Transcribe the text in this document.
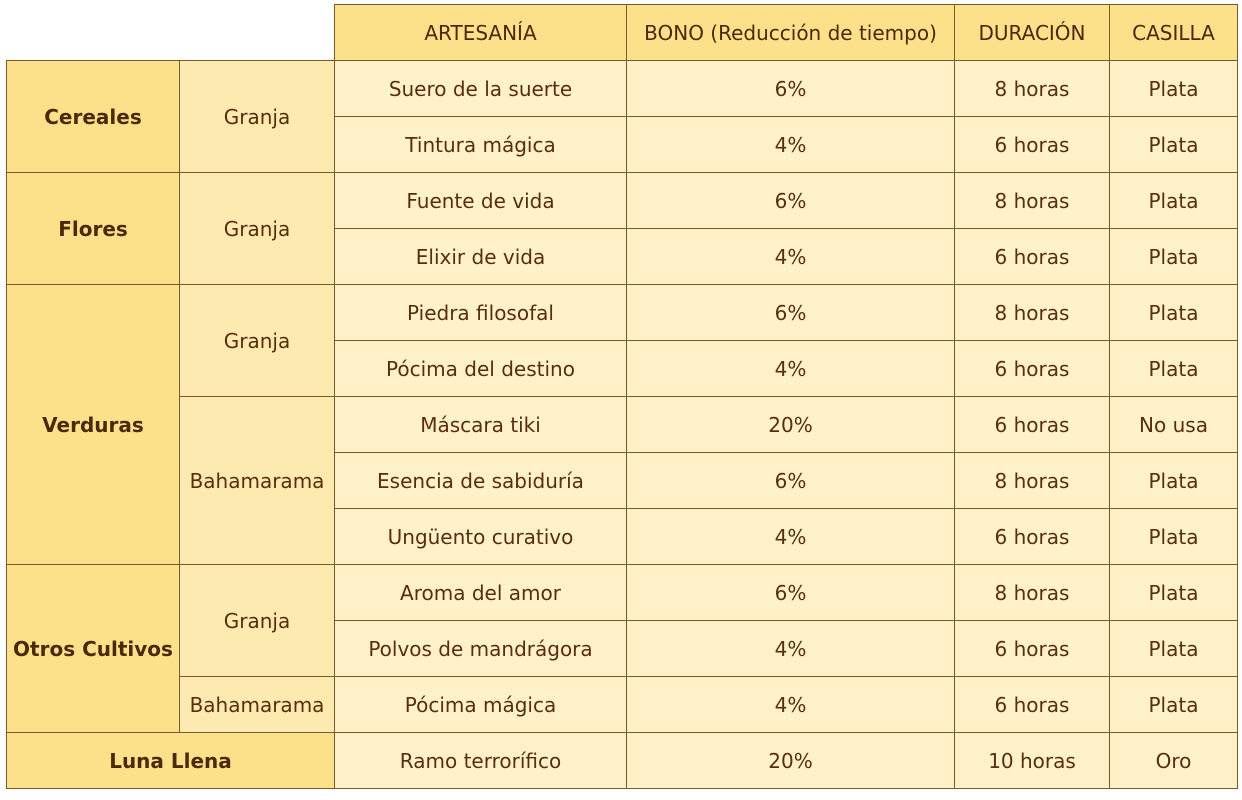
		ARTESANÍA	BONO (Reducción de tiempo)	DURACIÓN	CASILLA
Cereales	Granja	Suero de la suerte	6%	8 horas	Plata
		Tintura mágica	4%	6 horas	Plata
Flores	Granja	Fuente de vida	6%	8 horas	Plata
		Elixir de vida	4%	6 horas	Plata
Verduras	Granja	Piedra filosofal	6%	8 horas	Plata
		Pócima del destino	4%	6 horas	Plata
	Bahamarama	Máscara tiki	20%	6 horas	No usa
		Esencia de sabiduría	6%	8 horas	Plata
		Ungüento curativo	4%	6 horas	Plata
Otros Cultivos	Granja	Aroma del amor	6%	8 horas	Plata
		Polvos de mandrágora	4%	6 horas	Plata
	Bahamarama	Pócima mágica	4%	6 horas	Plata
Luna Llena		Ramo terrorífico	20%	10 horas	Oro
